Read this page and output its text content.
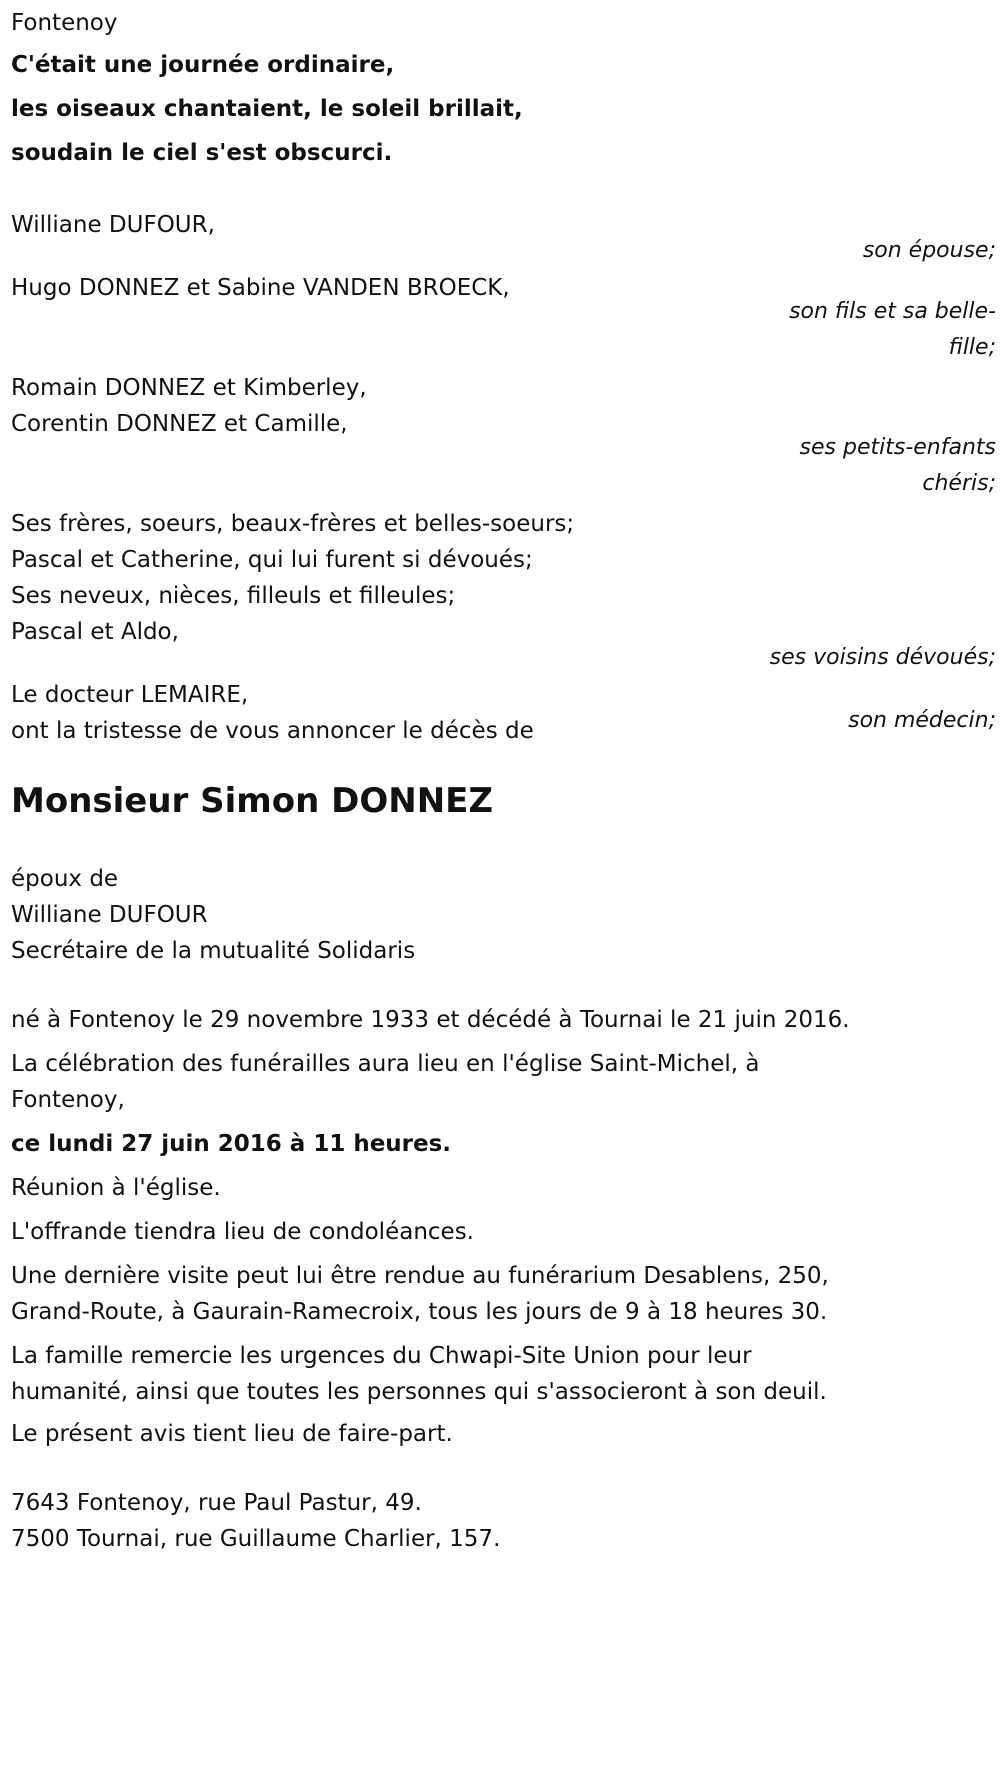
Fontenoy

C'était une journée ordinaire,

les oiseaux chantaient, le soleil brillait,

soudain le ciel s'est obscurci.

Williane DUFOUR,

son épouse;

Hugo DONNEZ et Sabine VANDEN BROECK,

son fils et sa belle-

fille;

Romain DONNEZ et Kimberley,

Corentin DONNEZ et Camille,

ses petits-enfants

chéris;

Ses frères, soeurs, beaux-frères et belles-soeurs;

Pascal et Catherine, qui lui furent si dévoués;

Ses neveux, nièces, filleuls et filleules;

Pascal et Aldo,

ses voisins dévoués;

Le docteur LEMAIRE,

son médecin;

ont la tristesse de vous annoncer le décès de

Monsieur Simon DONNEZ

époux de

Williane DUFOUR

Secrétaire de la mutualité Solidaris

né à Fontenoy le 29 novembre 1933 et décédé à Tournai le 21 juin 2016.

La célébration des funérailles aura lieu en l'église Saint-Michel, à

Fontenoy,

ce lundi 27 juin 2016 à 11 heures.

Réunion à l'église.

L'offrande tiendra lieu de condoléances.

Une dernière visite peut lui être rendue au funérarium Desablens, 250,

Grand-Route, à Gaurain-Ramecroix, tous les jours de 9 à 18 heures 30.

La famille remercie les urgences du Chwapi-Site Union pour leur

humanité, ainsi que toutes les personnes qui s'associeront à son deuil.

Le présent avis tient lieu de faire-part.

7643 Fontenoy, rue Paul Pastur, 49.

7500 Tournai, rue Guillaume Charlier, 157.
